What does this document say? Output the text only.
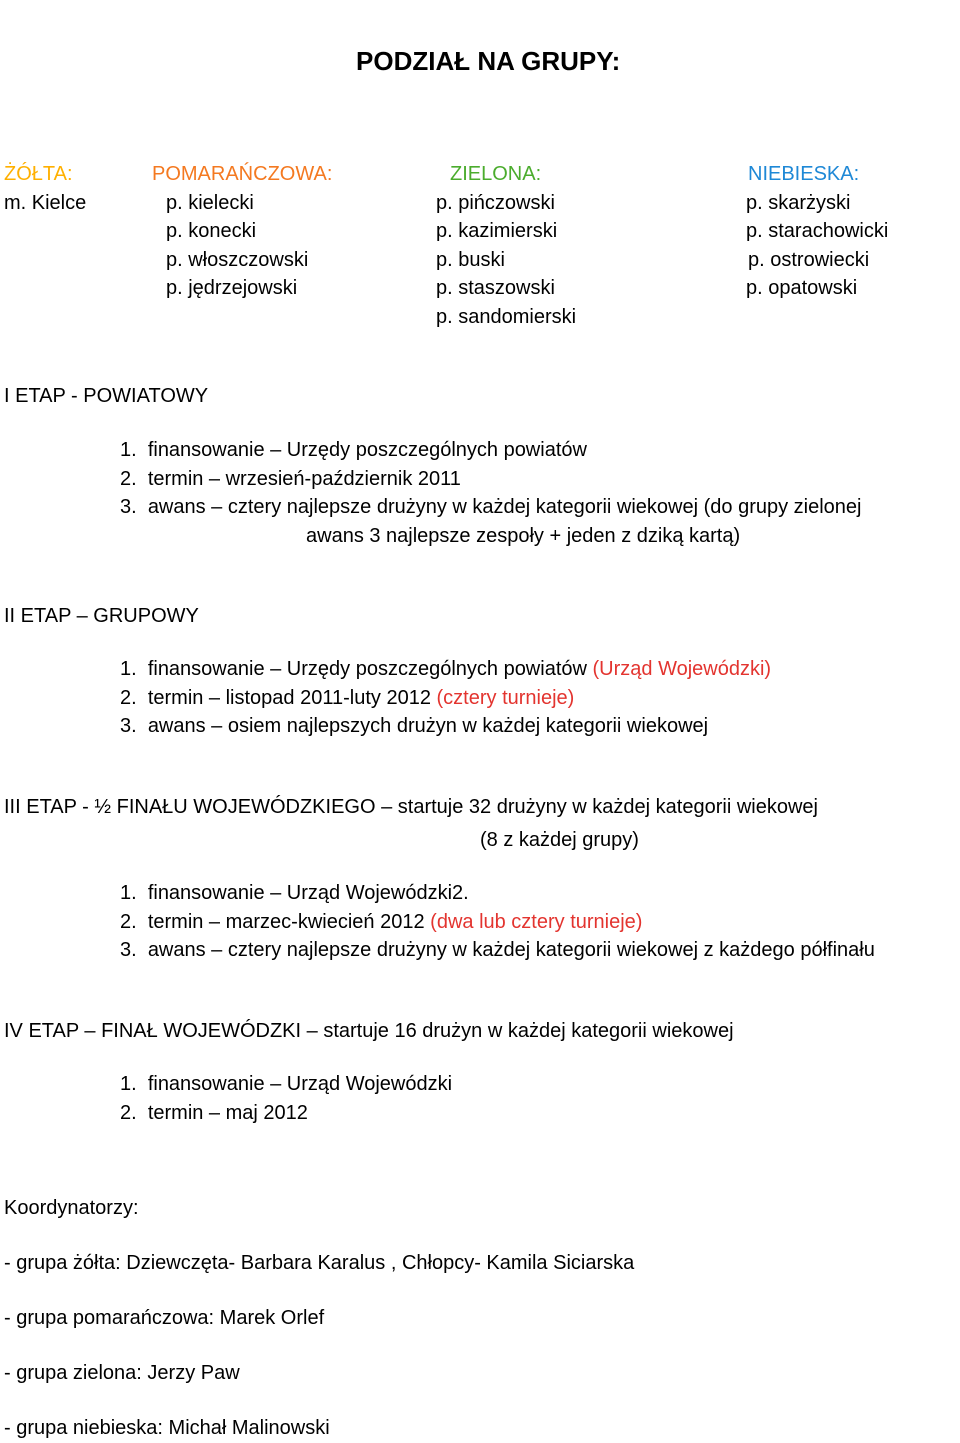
PODZIAŁ NA GRUPY:
ŻÓŁTA:
m. Kielce
POMARAŃCZOWA:
p. kielecki
p. konecki
p. włoszczowski
p. jędrzejowski
ZIELONA:
p. pińczowski
p. kazimierski
p. buski
p. staszowski
p. sandomierski
NIEBIESKA:
p. skarżyski
p. starachowicki
p. ostrowiecki
p. opatowski
I ETAP - POWIATOWY
1. finansowanie – Urzędy poszczególnych powiatów
2. termin – wrzesień-październik 2011
3. awans – cztery najlepsze drużyny w każdej kategorii wiekowej (do grupy zielonej
awans 3 najlepsze zespoły + jeden z dziką kartą)
II ETAP – GRUPOWY
1. finansowanie – Urzędy poszczególnych powiatów (Urząd Wojewódzki)
2. termin – listopad 2011-luty 2012 (cztery turnieje)
3. awans – osiem najlepszych drużyn w każdej kategorii wiekowej
III ETAP - ½ FINAŁU WOJEWÓDZKIEGO – startuje 32 drużyny w każdej kategorii wiekowej
(8 z każdej grupy)
1. finansowanie – Urząd Wojewódzki2.
2. termin – marzec-kwiecień 2012 (dwa lub cztery turnieje)
3. awans – cztery najlepsze drużyny w każdej kategorii wiekowej z każdego półfinału
IV ETAP – FINAŁ WOJEWÓDZKI – startuje 16 drużyn w każdej kategorii wiekowej
1. finansowanie – Urząd Wojewódzki
2. termin – maj 2012
Koordynatorzy:
- grupa żółta: Dziewczęta- Barbara Karalus , Chłopcy- Kamila Siciarska
- grupa pomarańczowa: Marek Orlef
- grupa zielona: Jerzy Paw
- grupa niebieska: Michał Malinowski
